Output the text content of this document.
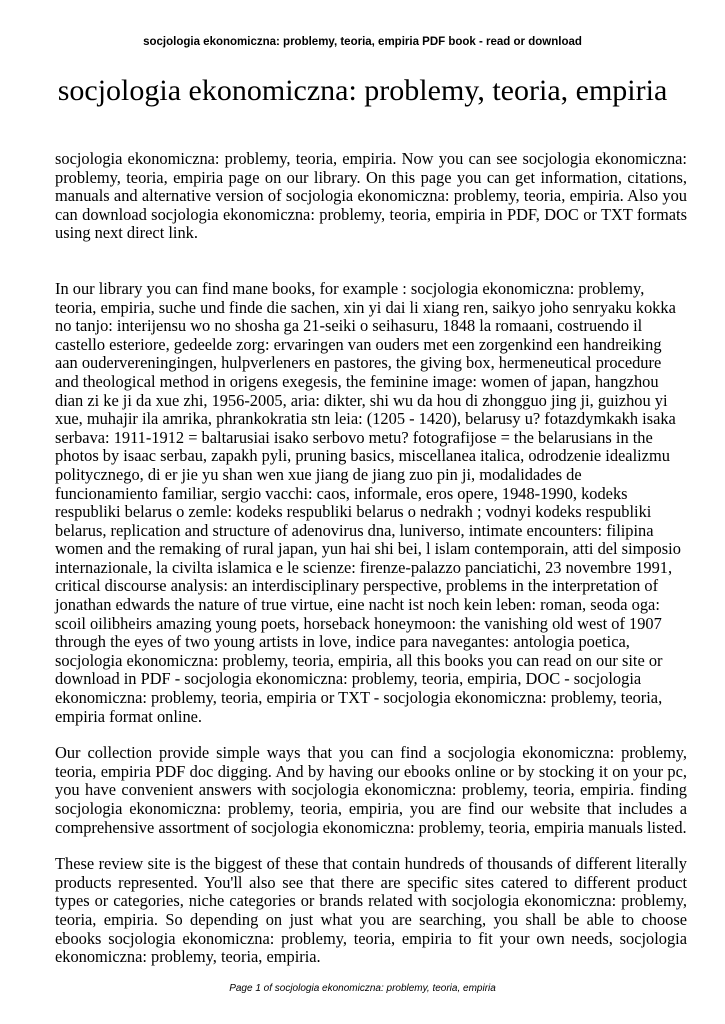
socjologia ekonomiczna: problemy, teoria, empiria PDF book - read or download
socjologia ekonomiczna: problemy, teoria, empiria

socjologia ekonomiczna: problemy, teoria, empiria. Now you can see socjologia ekonomiczna: problemy, teoria, empiria page on our library. On this page you can get information, citations, manuals and alternative version of socjologia ekonomiczna: problemy, teoria, empiria. Also you can download socjologia ekonomiczna: problemy, teoria, empiria in PDF, DOC or TXT formats using next direct link.

In our library you can find mane books, for example : socjologia ekonomiczna: problemy, teoria, empiria, suche und finde die sachen, xin yi dai li xiang ren, saikyo joho senryaku kokka no tanjo: interijensu wo no shosha ga 21-seiki o seihasuru, 1848 la romaani, costruendo il castello esteriore, gedeelde zorg: ervaringen van ouders met een zorgenkind een handreiking aan oudervereningingen, hulpverleners en pastores, the giving box, hermeneutical procedure and theological method in origens exegesis, the feminine image: women of japan, hangzhou dian zi ke ji da xue zhi, 1956-2005, aria: dikter, shi wu da hou di zhongguo jing ji, guizhou yi xue, muhajir ila amrika, phrankokratia stn leia: (1205 - 1420), belarusy u? fotazdymkakh isaka serbava: 1911-1912 = baltarusiai isako serbovo metu? fotografijose = the belarusians in the photos by isaac serbau, zapakh pyli, pruning basics, miscellanea italica, odrodzenie idealizmu politycznego, di er jie yu shan wen xue jiang de jiang zuo pin ji, modalidades de funcionamiento familiar, sergio vacchi: caos, informale, eros opere, 1948-1990, kodeks respubliki belarus o zemle: kodeks respubliki belarus o nedrakh ; vodnyi kodeks respubliki belarus, replication and structure of adenovirus dna, luniverso, intimate encounters: filipina women and the remaking of rural japan, yun hai shi bei, l islam contemporain, atti del simposio internazionale, la civilta islamica e le scienze: firenze-palazzo panciatichi, 23 novembre 1991, critical discourse analysis: an interdisciplinary perspective, problems in the interpretation of jonathan edwards the nature of true virtue, eine nacht ist noch kein leben: roman, seoda oga: scoil oilibheirs amazing young poets, horseback honeymoon: the vanishing old west of 1907 through the eyes of two young artists in love, indice para navegantes: antologia poetica, socjologia ekonomiczna: problemy, teoria, empiria, all this books you can read on our site or download in PDF - socjologia ekonomiczna: problemy, teoria, empiria, DOC - socjologia ekonomiczna: problemy, teoria, empiria or TXT - socjologia ekonomiczna: problemy, teoria, empiria format online.

Our collection provide simple ways that you can find a socjologia ekonomiczna: problemy, teoria, empiria PDF doc digging. And by having our ebooks online or by stocking it on your pc, you have convenient answers with socjologia ekonomiczna: problemy, teoria, empiria. finding socjologia ekonomiczna: problemy, teoria, empiria, you are find our website that includes a comprehensive assortment of socjologia ekonomiczna: problemy, teoria, empiria manuals listed.

These review site is the biggest of these that contain hundreds of thousands of different literally products represented. You'll also see that there are specific sites catered to different product types or categories, niche categories or brands related with socjologia ekonomiczna: problemy, teoria, empiria. So depending on just what you are searching, you shall be able to choose ebooks socjologia ekonomiczna: problemy, teoria, empiria to fit your own needs, socjologia ekonomiczna: problemy, teoria, empiria.

Page 1 of socjologia ekonomiczna: problemy, teoria, empiria
